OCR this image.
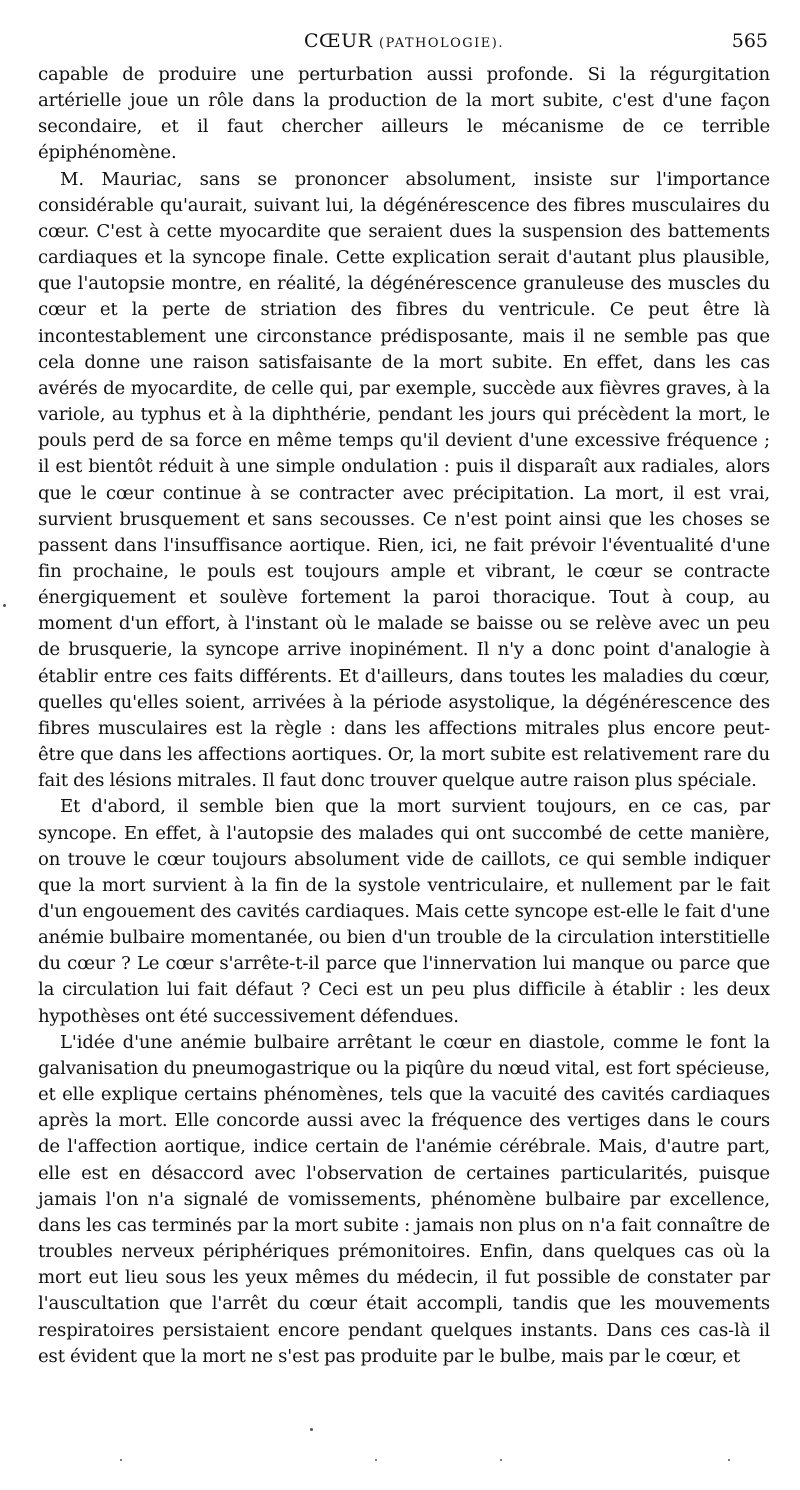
CŒUR (PATHOLOGIE).	565

capable de produire une perturbation aussi profonde. Si la régurgitation artérielle joue un rôle dans la production de la mort subite, c'est d'une façon secondaire, et il faut chercher ailleurs le mécanisme de ce terrible épiphénomène.

M. Mauriac, sans se prononcer absolument, insiste sur l'importance considérable qu'aurait, suivant lui, la dégénérescence des fibres musculaires du cœur. C'est à cette myocardite que seraient dues la suspension des battements cardiaques et la syncope finale. Cette explication serait d'autant plus plausible, que l'autopsie montre, en réalité, la dégénérescence granuleuse des muscles du cœur et la perte de striation des fibres du ventricule. Ce peut être là incontestablement une circonstance prédisposante, mais il ne semble pas que cela donne une raison satisfaisante de la mort subite. En effet, dans les cas avérés de myocardite, de celle qui, par exemple, succède aux fièvres graves, à la variole, au typhus et à la diphthérie, pendant les jours qui précèdent la mort, le pouls perd de sa force en même temps qu'il devient d'une excessive fréquence ; il est bientôt réduit à une simple ondulation : puis il disparaît aux radiales, alors que le cœur continue à se contracter avec précipitation. La mort, il est vrai, survient brusquement et sans secousses. Ce n'est point ainsi que les choses se passent dans l'insuffisance aortique. Rien, ici, ne fait prévoir l'éventualité d'une fin prochaine, le pouls est toujours ample et vibrant, le cœur se contracte énergiquement et soulève fortement la paroi thoracique. Tout à coup, au moment d'un effort, à l'instant où le malade se baisse ou se relève avec un peu de brusquerie, la syncope arrive inopinément. Il n'y a donc point d'analogie à établir entre ces faits différents. Et d'ailleurs, dans toutes les maladies du cœur, quelles qu'elles soient, arrivées à la période asystolique, la dégénérescence des fibres musculaires est la règle : dans les affections mitrales plus encore peut-être que dans les affections aortiques. Or, la mort subite est relativement rare du fait des lésions mitrales. Il faut donc trouver quelque autre raison plus spéciale.

Et d'abord, il semble bien que la mort survient toujours, en ce cas, par syncope. En effet, à l'autopsie des malades qui ont succombé de cette manière, on trouve le cœur toujours absolument vide de caillots, ce qui semble indiquer que la mort survient à la fin de la systole ventriculaire, et nullement par le fait d'un engouement des cavités cardiaques. Mais cette syncope est-elle le fait d'une anémie bulbaire momentanée, ou bien d'un trouble de la circulation interstitielle du cœur ? Le cœur s'arrête-t-il parce que l'innervation lui manque ou parce que la circulation lui fait défaut ? Ceci est un peu plus difficile à établir : les deux hypothèses ont été successivement défendues.

L'idée d'une anémie bulbaire arrêtant le cœur en diastole, comme le font la galvanisation du pneumogastrique ou la piqûre du nœud vital, est fort spécieuse, et elle explique certains phénomènes, tels que la vacuité des cavités cardiaques après la mort. Elle concorde aussi avec la fréquence des vertiges dans le cours de l'affection aortique, indice certain de l'anémie cérébrale. Mais, d'autre part, elle est en désaccord avec l'observation de certaines particularités, puisque jamais l'on n'a signalé de vomissements, phénomène bulbaire par excellence, dans les cas terminés par la mort subite : jamais non plus on n'a fait connaître de troubles nerveux périphériques prémonitoires. Enfin, dans quelques cas où la mort eut lieu sous les yeux mêmes du médecin, il fut possible de constater par l'auscultation que l'arrêt du cœur était accompli, tandis que les mouvements respiratoires persistaient encore pendant quelques instants. Dans ces cas-là il est évident que la mort ne s'est pas produite par le bulbe, mais par le cœur, et
